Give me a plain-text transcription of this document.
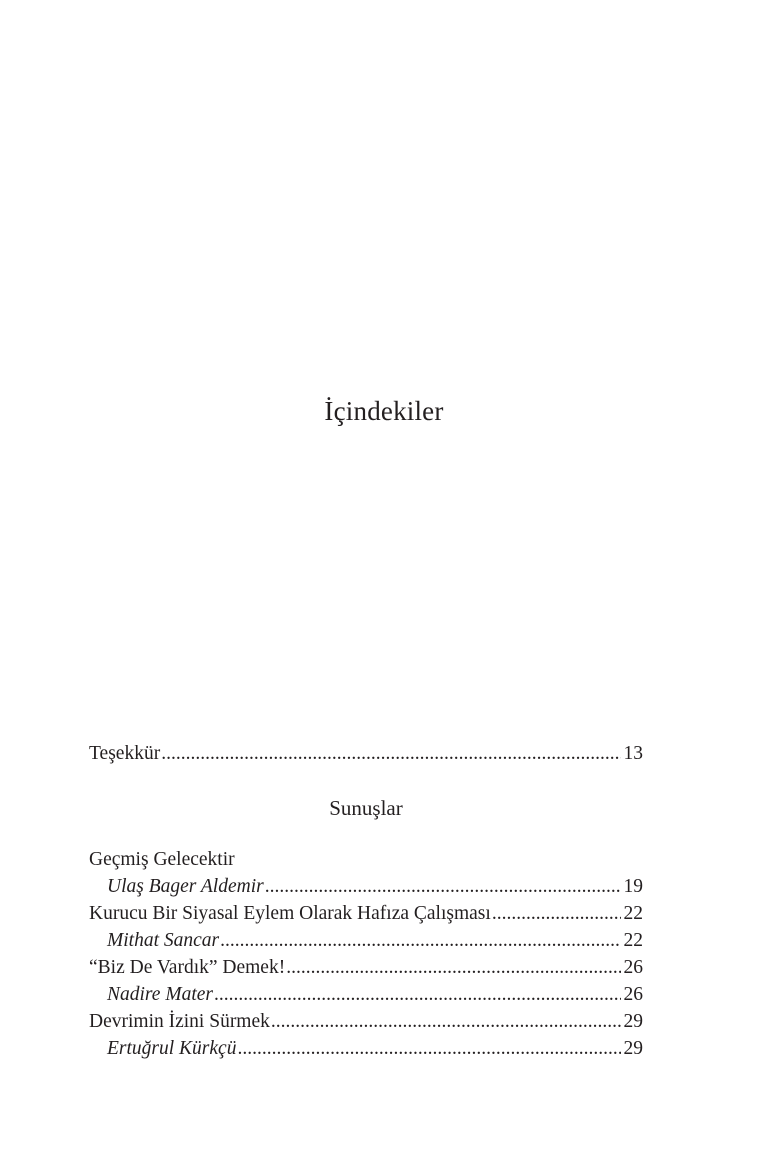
İçindekiler
Teşekkür .....	13
Sunuşlar
Geçmiş Gelecektir
Ulaş Bager Aldemir .....	19
Kurucu Bir Siyasal Eylem Olarak Hafıza Çalışması .....	22
Mithat Sancar .....	22
“Biz De Vardık” Demek! .....	26
Nadire Mater .....	26
Devrimin İzini Sürmek .....	29
Ertuğrul Kürkçü .....	29
